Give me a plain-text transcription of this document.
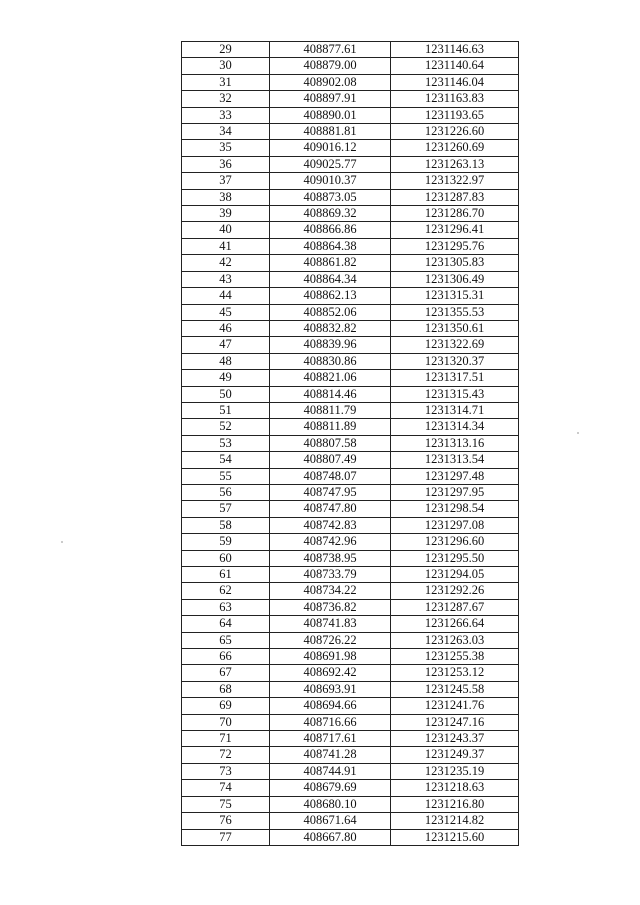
29	408877.61	1231146.63
30	408879.00	1231140.64
31	408902.08	1231146.04
32	408897.91	1231163.83
33	408890.01	1231193.65
34	408881.81	1231226.60
35	409016.12	1231260.69
36	409025.77	1231263.13
37	409010.37	1231322.97
38	408873.05	1231287.83
39	408869.32	1231286.70
40	408866.86	1231296.41
41	408864.38	1231295.76
42	408861.82	1231305.83
43	408864.34	1231306.49
44	408862.13	1231315.31
45	408852.06	1231355.53
46	408832.82	1231350.61
47	408839.96	1231322.69
48	408830.86	1231320.37
49	408821.06	1231317.51
50	408814.46	1231315.43
51	408811.79	1231314.71
52	408811.89	1231314.34
53	408807.58	1231313.16
54	408807.49	1231313.54
55	408748.07	1231297.48
56	408747.95	1231297.95
57	408747.80	1231298.54
58	408742.83	1231297.08
59	408742.96	1231296.60
60	408738.95	1231295.50
61	408733.79	1231294.05
62	408734.22	1231292.26
63	408736.82	1231287.67
64	408741.83	1231266.64
65	408726.22	1231263.03
66	408691.98	1231255.38
67	408692.42	1231253.12
68	408693.91	1231245.58
69	408694.66	1231241.76
70	408716.66	1231247.16
71	408717.61	1231243.37
72	408741.28	1231249.37
73	408744.91	1231235.19
74	408679.69	1231218.63
75	408680.10	1231216.80
76	408671.64	1231214.82
77	408667.80	1231215.60
